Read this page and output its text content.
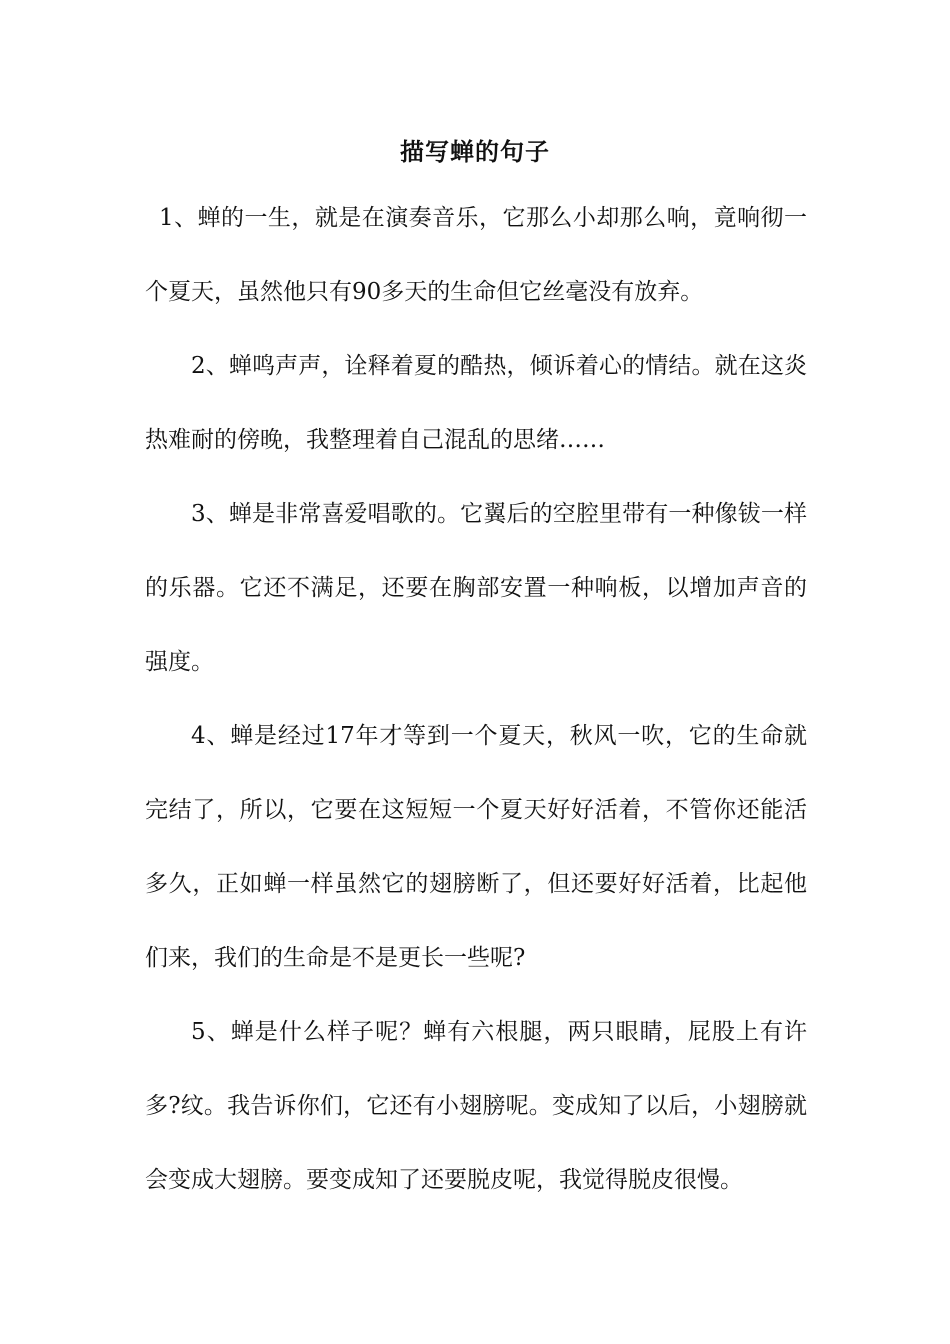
描写蝉的句子

1、蝉的一生，就是在演奏音乐，它那么小却那么响，竟响彻一个夏天，虽然他只有90多天的生命但它丝毫没有放弃。

2、蝉鸣声声，诠释着夏的酷热，倾诉着心的情结。就在这炎热难耐的傍晚，我整理着自己混乱的思绪……

3、蝉是非常喜爱唱歌的。它翼后的空腔里带有一种像钹一样的乐器。它还不满足，还要在胸部安置一种响板，以增加声音的强度。

4、蝉是经过17年才等到一个夏天，秋风一吹，它的生命就完结了，所以，它要在这短短一个夏天好好活着，不管你还能活多久，正如蝉一样虽然它的翅膀断了，但还要好好活着，比起他们来，我们的生命是不是更长一些呢?

5、蝉是什么样子呢？蝉有六根腿，两只眼睛，屁股上有许多?纹。我告诉你们，它还有小翅膀呢。变成知了以后，小翅膀就会变成大翅膀。要变成知了还要脱皮呢，我觉得脱皮很慢。
